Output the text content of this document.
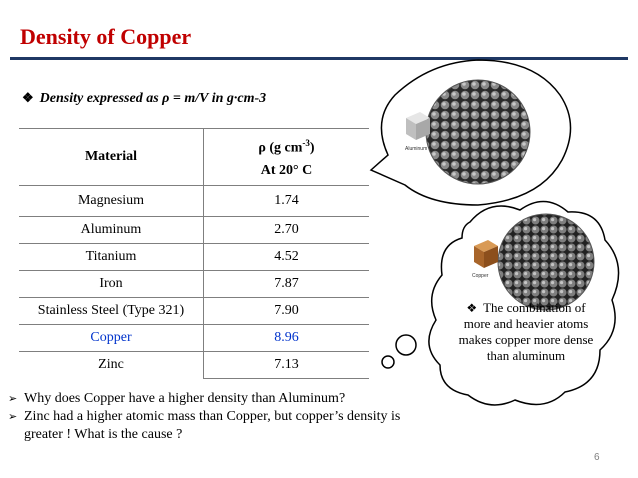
Density of Copper
❖ Density expressed as ρ = m/V in g·cm-3
Material	ρ (g $cm^{-3}$)
At 20° C
Magnesium	1.74
Aluminum	2.70
Titanium	4.52
Iron	7.87
Stainless Steel (Type 321)	7.90
Copper	8.96
Zinc	7.13
Aluminum
Copper
❖ The combination of more and heavier atoms makes copper more dense than aluminum
➢ Why does Copper have a higher density than Aluminum?
➢ Zinc had a higher atomic mass than Copper, but copper’s density is greater ! What is the cause ?
6
